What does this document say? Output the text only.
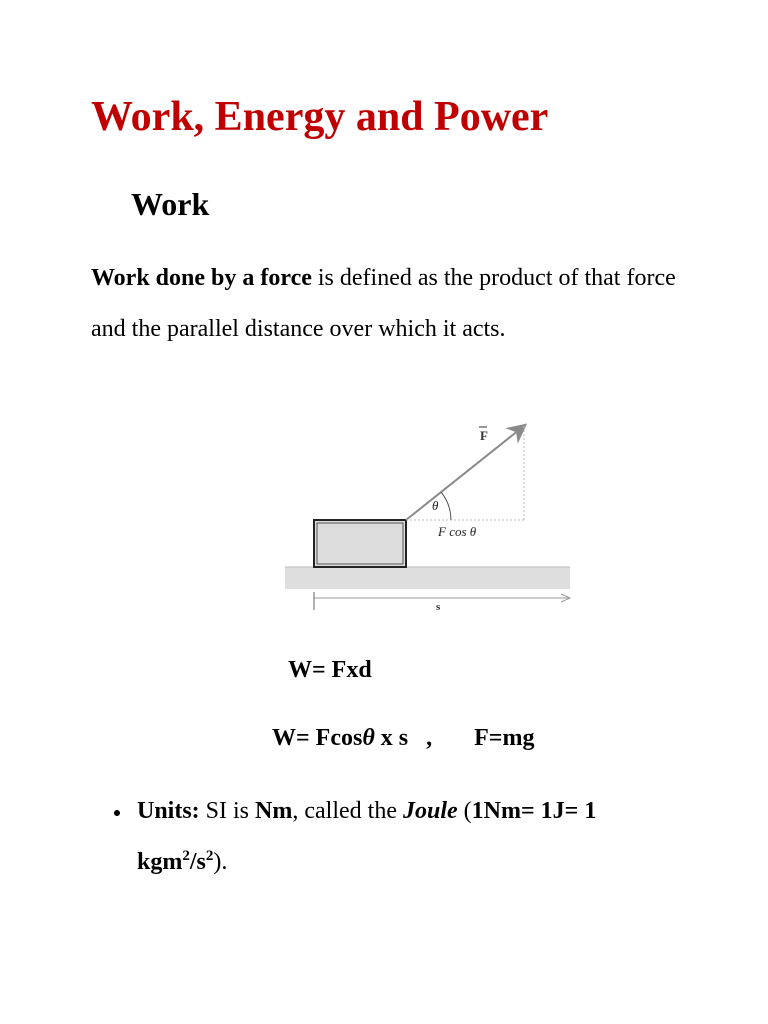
Work, Energy and Power
Work

Work done by a force is defined as the product of that force and the parallel distance over which it acts.

F
θ
F cos θ
s

W= Fxd

W= Fcosθ x s   ,       F=mg

Units: SI is Nm, called the Joule (1Nm= 1J= 1 $kgm^2/s^2$).
